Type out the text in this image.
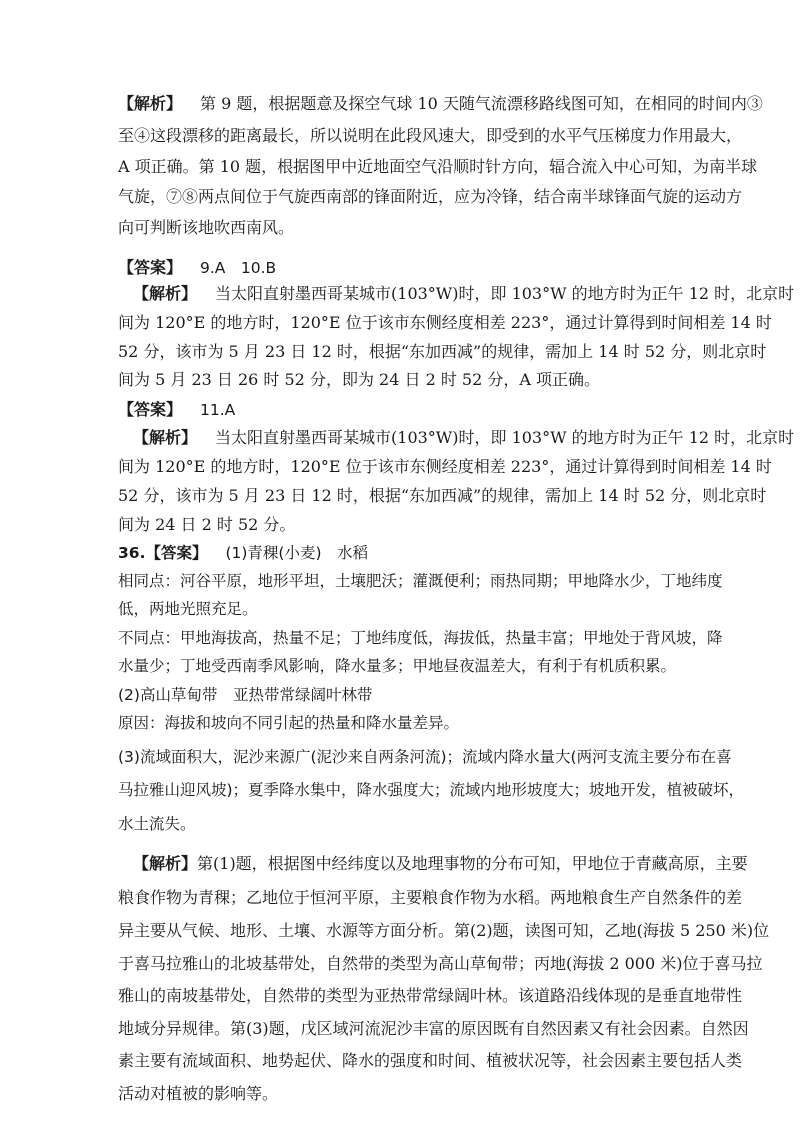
【解析】 第 9 题，根据题意及探空气球 10 天随气流漂移路线图可知，在相同的时间内③
至④这段漂移的距离最长，所以说明在此段风速大，即受到的水平气压梯度力作用最大，
A 项正确。第 10 题，根据图甲中近地面空气沿顺时针方向，辐合流入中心可知，为南半球
气旋，⑦⑧两点间位于气旋西南部的锋面附近，应为冷锋，结合南半球锋面气旋的运动方
向可判断该地吹西南风。
【答案】 9.A　10.B
【解析】 当太阳直射墨西哥某城市(103°W)时，即 103°W 的地方时为正午 12 时，北京时
间为 120°E 的地方时，120°E 位于该市东侧经度相差 223°，通过计算得到时间相差 14 时
52 分，该市为 5 月 23 日 12 时，根据“东加西减”的规律，需加上 14 时 52 分，则北京时
间为 5 月 23 日 26 时 52 分，即为 24 日 2 时 52 分，A 项正确。
【答案】 11.A
【解析】 当太阳直射墨西哥某城市(103°W)时，即 103°W 的地方时为正午 12 时，北京时
间为 120°E 的地方时，120°E 位于该市东侧经度相差 223°，通过计算得到时间相差 14 时
52 分，该市为 5 月 23 日 12 时，根据“东加西减”的规律，需加上 14 时 52 分，则北京时
间为 24 日 2 时 52 分。
36.【答案】 (1)青稞(小麦)　水稻
相同点：河谷平原，地形平坦，土壤肥沃；灌溉便利；雨热同期；甲地降水少，丁地纬度
低，两地光照充足。
不同点：甲地海拔高，热量不足；丁地纬度低，海拔低，热量丰富；甲地处于背风坡，降
水量少；丁地受西南季风影响，降水量多；甲地昼夜温差大，有利于有机质积累。
(2)高山草甸带　亚热带常绿阔叶林带
原因：海拔和坡向不同引起的热量和降水量差异。
(3)流域面积大，泥沙来源广(泥沙来自两条河流)；流域内降水量大(两河支流主要分布在喜
马拉雅山迎风坡)；夏季降水集中，降水强度大；流域内地形坡度大；坡地开发，植被破坏，
水土流失。
【解析】第(1)题，根据图中经纬度以及地理事物的分布可知，甲地位于青藏高原，主要
粮食作物为青稞；乙地位于恒河平原，主要粮食作物为水稻。两地粮食生产自然条件的差
异主要从气候、地形、土壤、水源等方面分析。第(2)题，读图可知，乙地(海拔 5 250 米)位
于喜马拉雅山的北坡基带处，自然带的类型为高山草甸带；丙地(海拔 2 000 米)位于喜马拉
雅山的南坡基带处，自然带的类型为亚热带常绿阔叶林。该道路沿线体现的是垂直地带性
地域分异规律。第(3)题，戊区域河流泥沙丰富的原因既有自然因素又有社会因素。自然因
素主要有流域面积、地势起伏、降水的强度和时间、植被状况等，社会因素主要包括人类
活动对植被的影响等。
